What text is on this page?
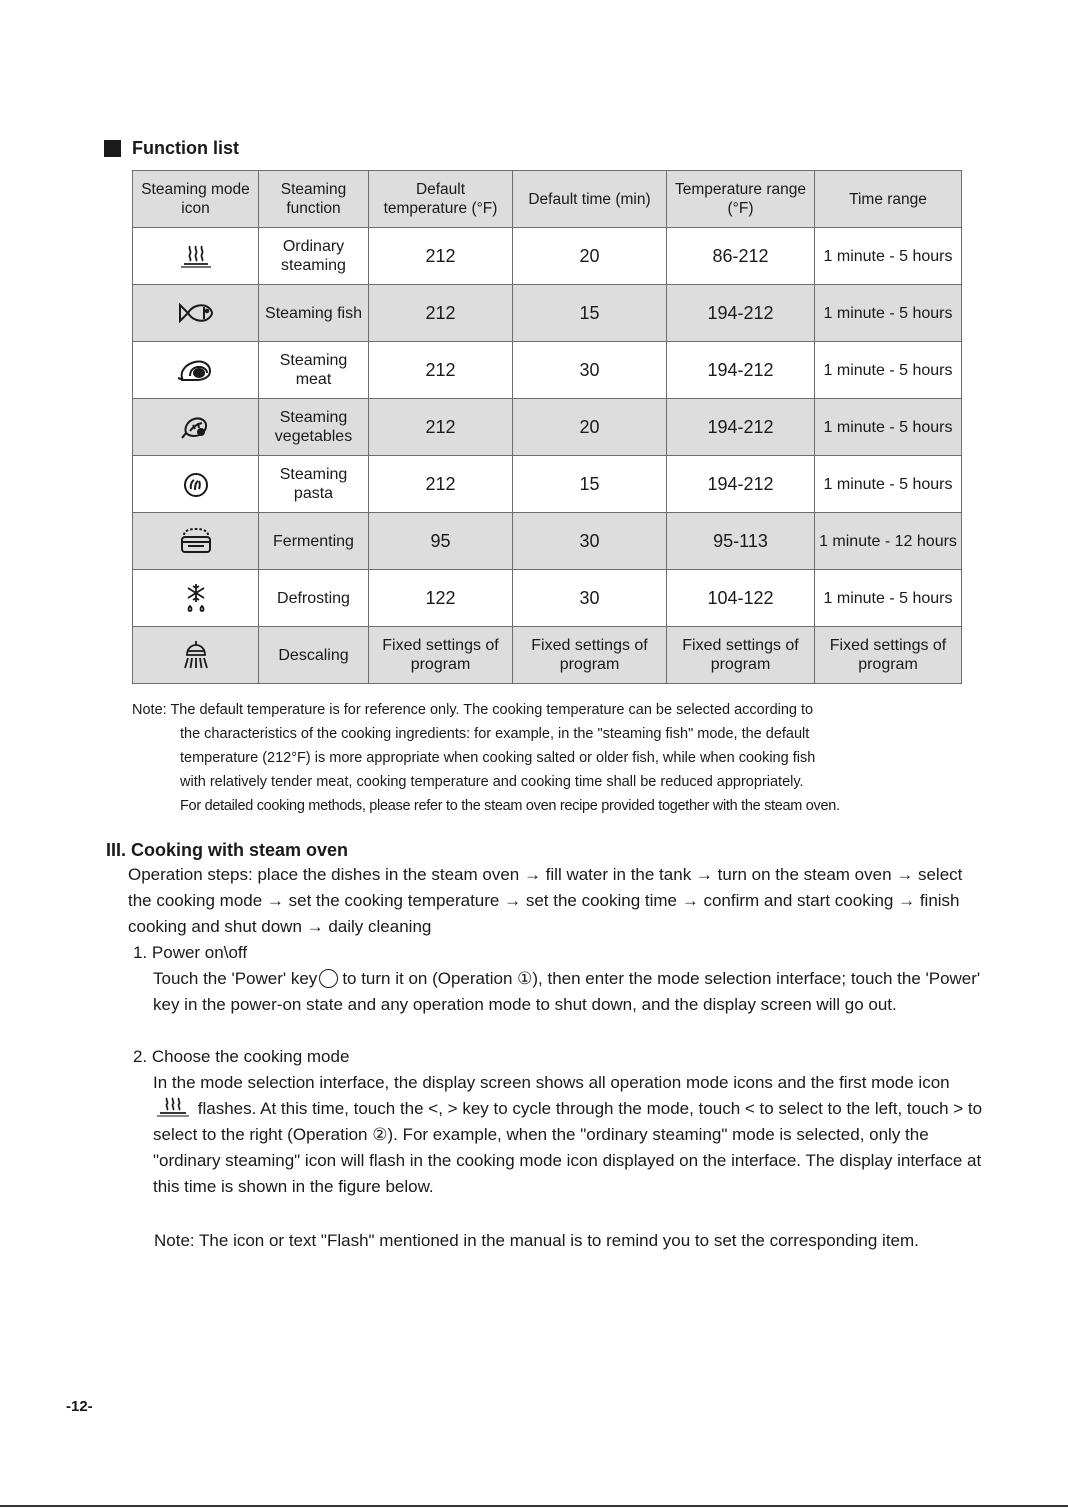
Function list
Steaming mode icon	Steaming function	Default temperature (°F)	Default time (min)	Temperature range (°F)	Time range

	Ordinary steaming	212	20	86-212	1 minute - 5 hours

	Steaming fish	212	15	194-212	1 minute - 5 hours

	Steaming meat	212	30	194-212	1 minute - 5 hours

	Steaming vegetables	212	20	194-212	1 minute - 5 hours

	Steaming pasta	212	15	194-212	1 minute - 5 hours

	Fermenting	95	30	95-113	1 minute - 12 hours

	Defrosting	122	30	104-122	1 minute - 5 hours

	Descaling	Fixed settings of program	Fixed settings of program	Fixed settings of program	Fixed settings of program
Note: The default temperature is for reference only. The cooking temperature can be selected according to
the characteristics of the cooking ingredients: for example, in the "steaming fish" mode, the default
temperature (212°F) is more appropriate when cooking salted or older fish, while when cooking fish
with relatively tender meat, cooking temperature and cooking time shall be reduced appropriately.
For detailed cooking methods, please refer to the steam oven recipe provided together with the steam oven.
III. Cooking with steam oven
Operation steps: place the dishes in the steam oven → fill water in the tank → turn on the steam oven → select the cooking mode → set the cooking temperature → set the cooking time → confirm and start cooking → finish cooking and shut down → daily cleaning
1. Power on\off
Touch the 'Power' key to turn it on (Operation ①), then enter the mode selection interface; touch the 'Power' key in the power-on state and any operation mode to shut down, and the display screen will go out.
2. Choose the cooking mode
In the mode selection interface, the display screen shows all operation mode icons and the first mode icon  flashes. At this time, touch the <, > key to cycle through the mode, touch < to select to the left, touch > to select to the right (Operation ②). For example, when the "ordinary steaming" mode is selected, only the "ordinary steaming" icon will flash in the cooking mode icon displayed on the interface. The display interface at this time is shown in the figure below.
Note: The icon or text "Flash" mentioned in the manual is to remind you to set the corresponding item.
-12-
